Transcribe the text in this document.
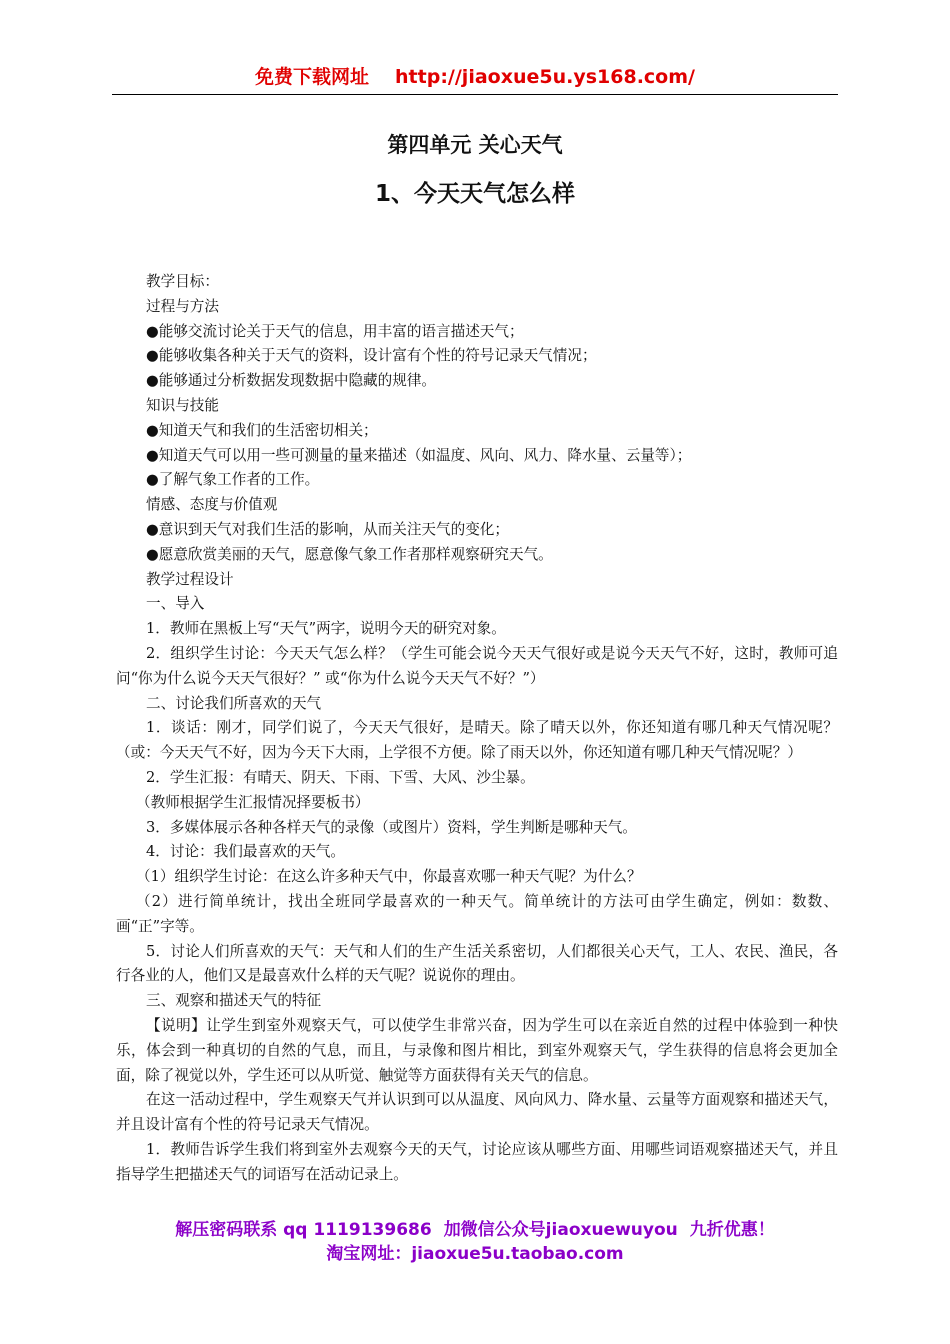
免费下载网址 http://jiaoxue5u.ys168.com/
第四单元 关心天气
1、今天天气怎么样

教学目标：

过程与方法

●能够交流讨论关于天气的信息，用丰富的语言描述天气；

●能够收集各种关于天气的资料，设计富有个性的符号记录天气情况；

●能够通过分析数据发现数据中隐藏的规律。

知识与技能

●知道天气和我们的生活密切相关；

●知道天气可以用一些可测量的量来描述（如温度、风向、风力、降水量、云量等）；

●了解气象工作者的工作。

情感、态度与价值观

●意识到天气对我们生活的影响，从而关注天气的变化；

●愿意欣赏美丽的天气，愿意像气象工作者那样观察研究天气。

教学过程设计

一、导入

1．教师在黑板上写“天气”两字，说明今天的研究对象。

2．组织学生讨论：今天天气怎么样？（学生可能会说今天天气很好或是说今天天气不好，这时，教师可追问“你为什么说今天天气很好？” 或“你为什么说今天天气不好？”）

二、讨论我们所喜欢的天气

1．谈话：刚才，同学们说了，今天天气很好，是晴天。除了晴天以外，你还知道有哪几种天气情况呢？（或：今天天气不好，因为今天下大雨，上学很不方便。除了雨天以外，你还知道有哪几种天气情况呢？）

2．学生汇报：有晴天、阴天、下雨、下雪、大风、沙尘暴。

（教师根据学生汇报情况择要板书）

3．多媒体展示各种各样天气的录像（或图片）资料，学生判断是哪种天气。

4．讨论：我们最喜欢的天气。

（1）组织学生讨论：在这么许多种天气中，你最喜欢哪一种天气呢？为什么？

（2）进行简单统计，找出全班同学最喜欢的一种天气。简单统计的方法可由学生确定，例如：数数、画“正”字等。

5．讨论人们所喜欢的天气：天气和人们的生产生活关系密切，人们都很关心天气，工人、农民、渔民，各行各业的人，他们又是最喜欢什么样的天气呢？说说你的理由。

三、观察和描述天气的特征

【说明】让学生到室外观察天气，可以使学生非常兴奋，因为学生可以在亲近自然的过程中体验到一种快乐，体会到一种真切的自然的气息，而且，与录像和图片相比，到室外观察天气，学生获得的信息将会更加全面，除了视觉以外，学生还可以从听觉、触觉等方面获得有关天气的信息。

在这一活动过程中，学生观察天气并认识到可以从温度、风向风力、降水量、云量等方面观察和描述天气，并且设计富有个性的符号记录天气情况。

1．教师告诉学生我们将到室外去观察今天的天气，讨论应该从哪些方面、用哪些词语观察描述天气，并且指导学生把描述天气的词语写在活动记录上。

解压密码联系 qq 1119139686 加微信公众号jiaoxuewuyou 九折优惠！
淘宝网址：jiaoxue5u.taobao.com
